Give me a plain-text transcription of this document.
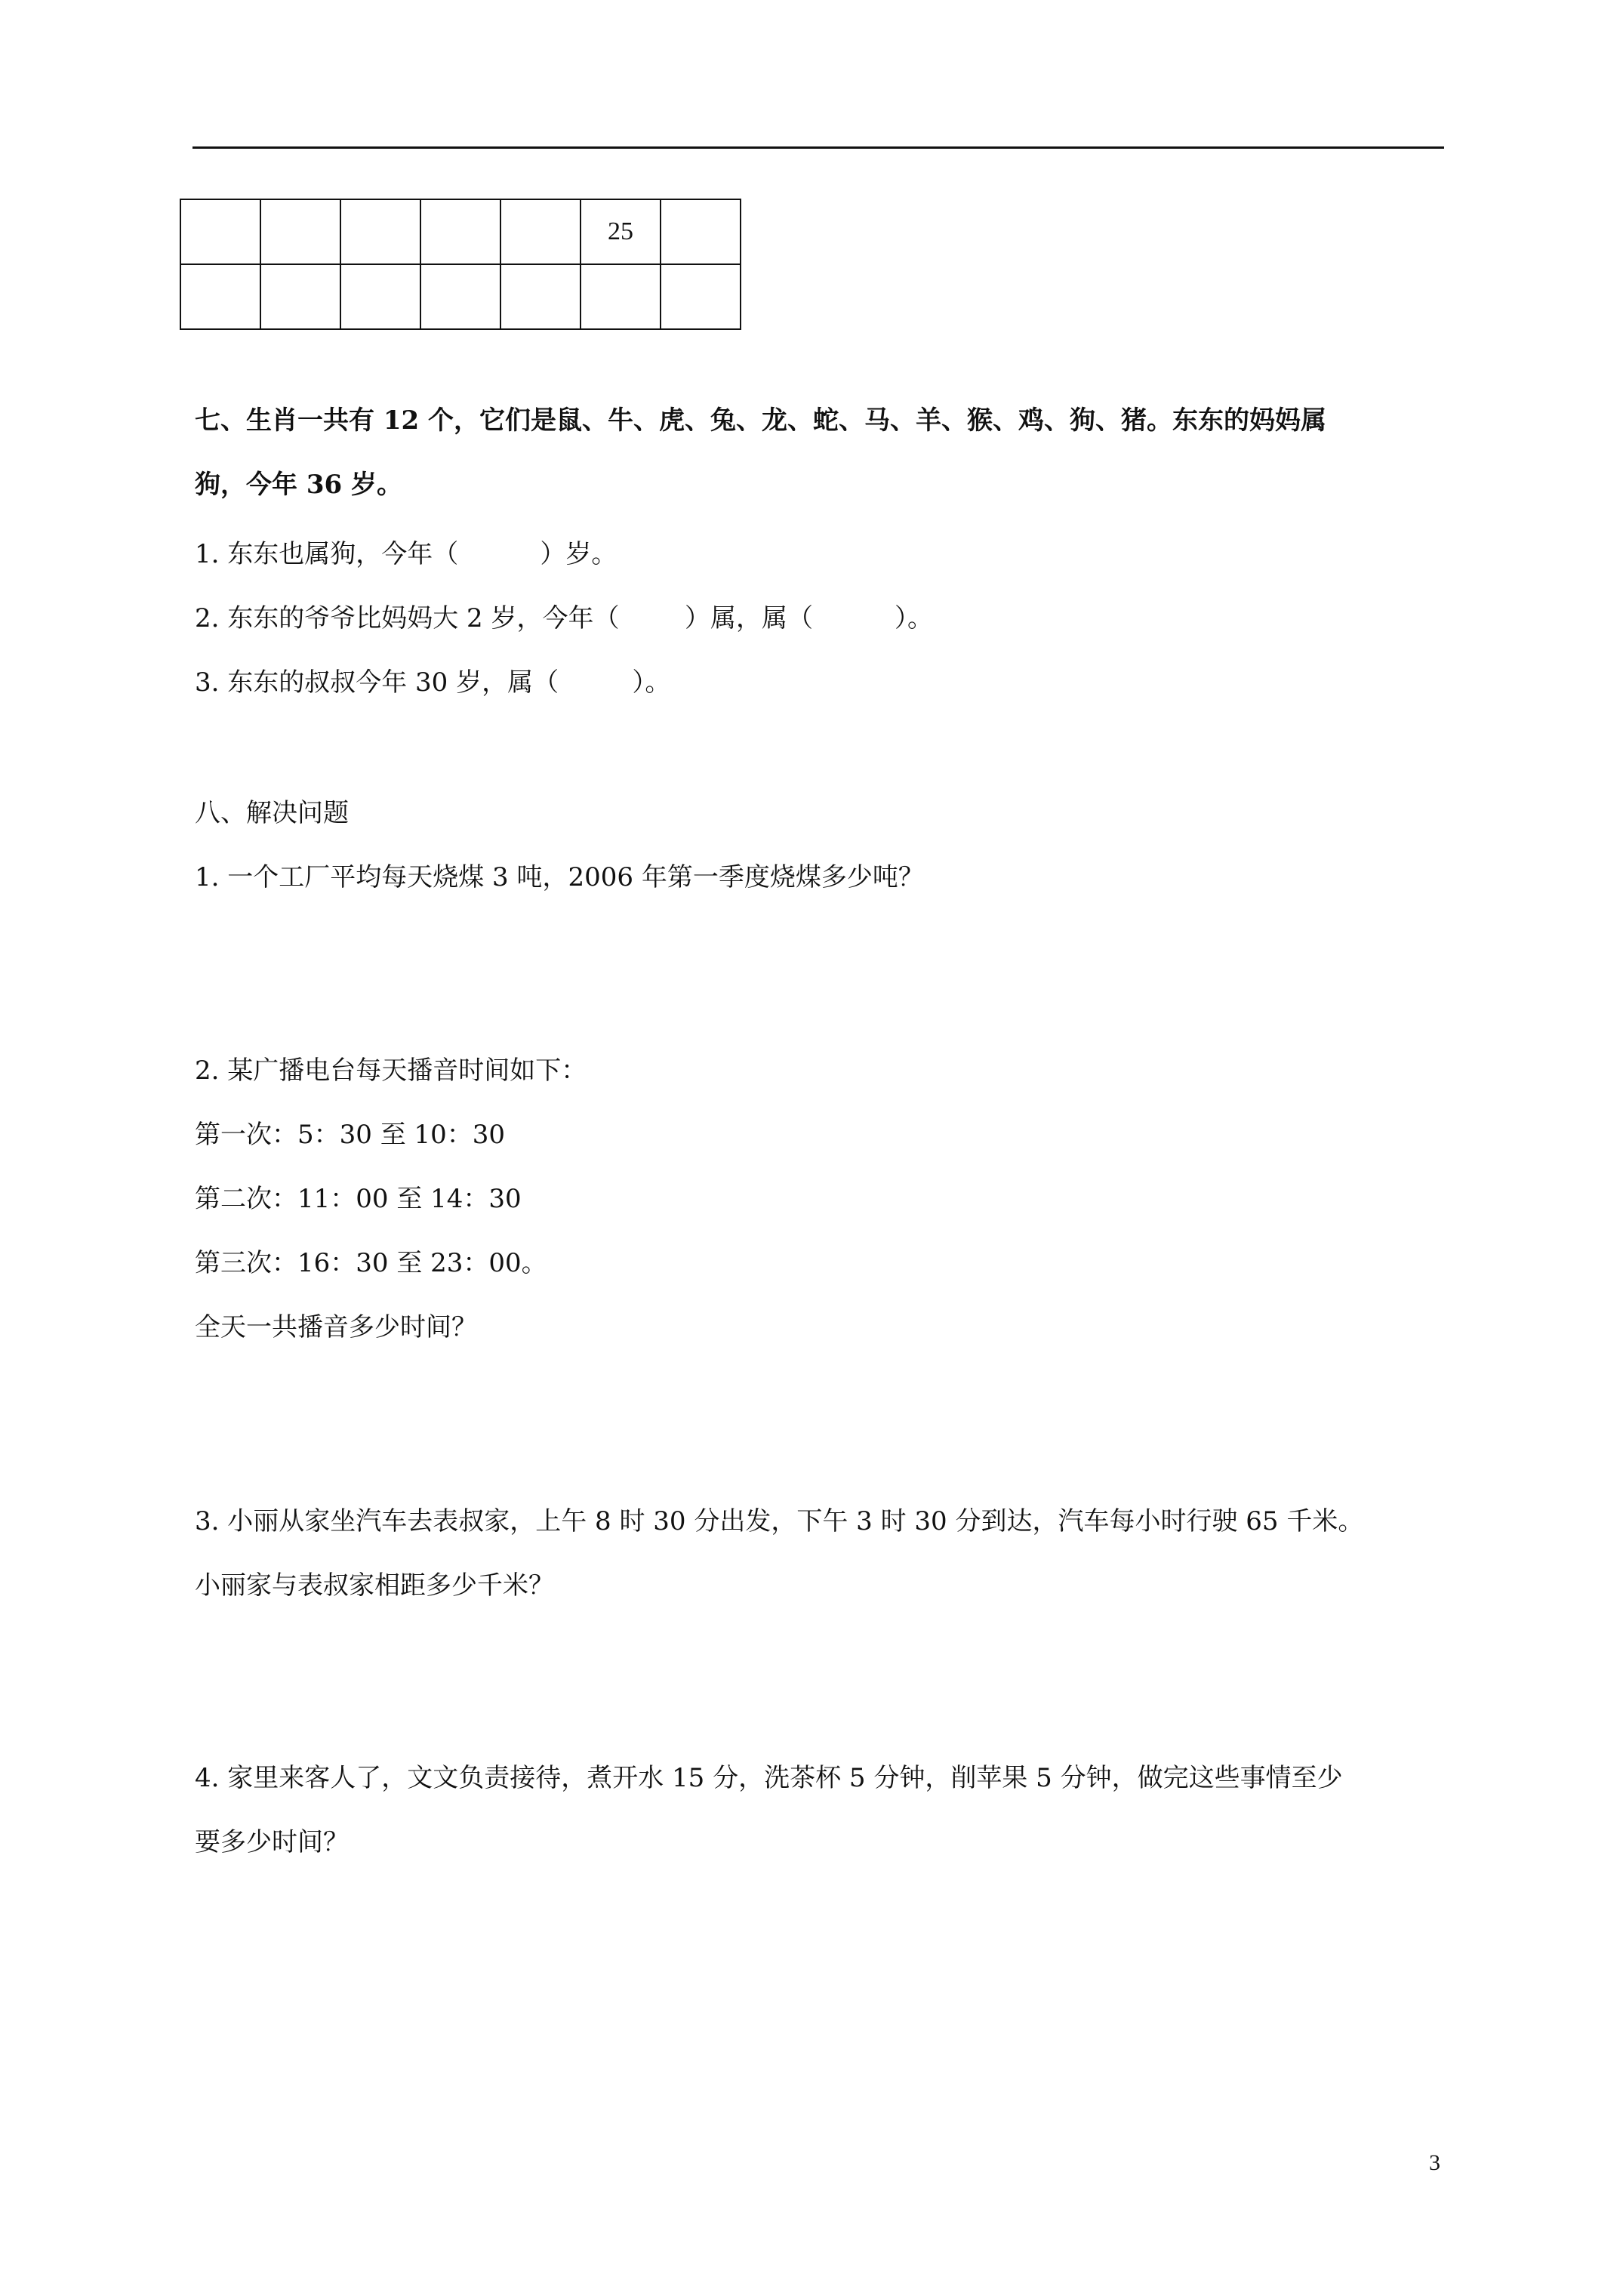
					25	

七、生肖一共有 12 个，它们是鼠、牛、虎、兔、龙、蛇、马、羊、猴、鸡、狗、猪。东东的妈妈属
狗，今年 36 岁。
1. 东东也属狗，今年（          ）岁。
2. 东东的爷爷比妈妈大 2 岁，今年（        ）属，属（          ）。
3. 东东的叔叔今年 30 岁，属（         ）。
八、解决问题
1. 一个工厂平均每天烧煤 3 吨，2006 年第一季度烧煤多少吨？
2. 某广播电台每天播音时间如下：
第一次：5：30 至 10：30
第二次：11：00 至 14：30
第三次：16：30 至 23：00。
全天一共播音多少时间？
3. 小丽从家坐汽车去表叔家，上午 8 时 30 分出发，下午 3 时 30 分到达，汽车每小时行驶 65 千米。
小丽家与表叔家相距多少千米？
4. 家里来客人了，文文负责接待，煮开水 15 分，洗茶杯 5 分钟，削苹果 5 分钟，做完这些事情至少
要多少时间？
3
